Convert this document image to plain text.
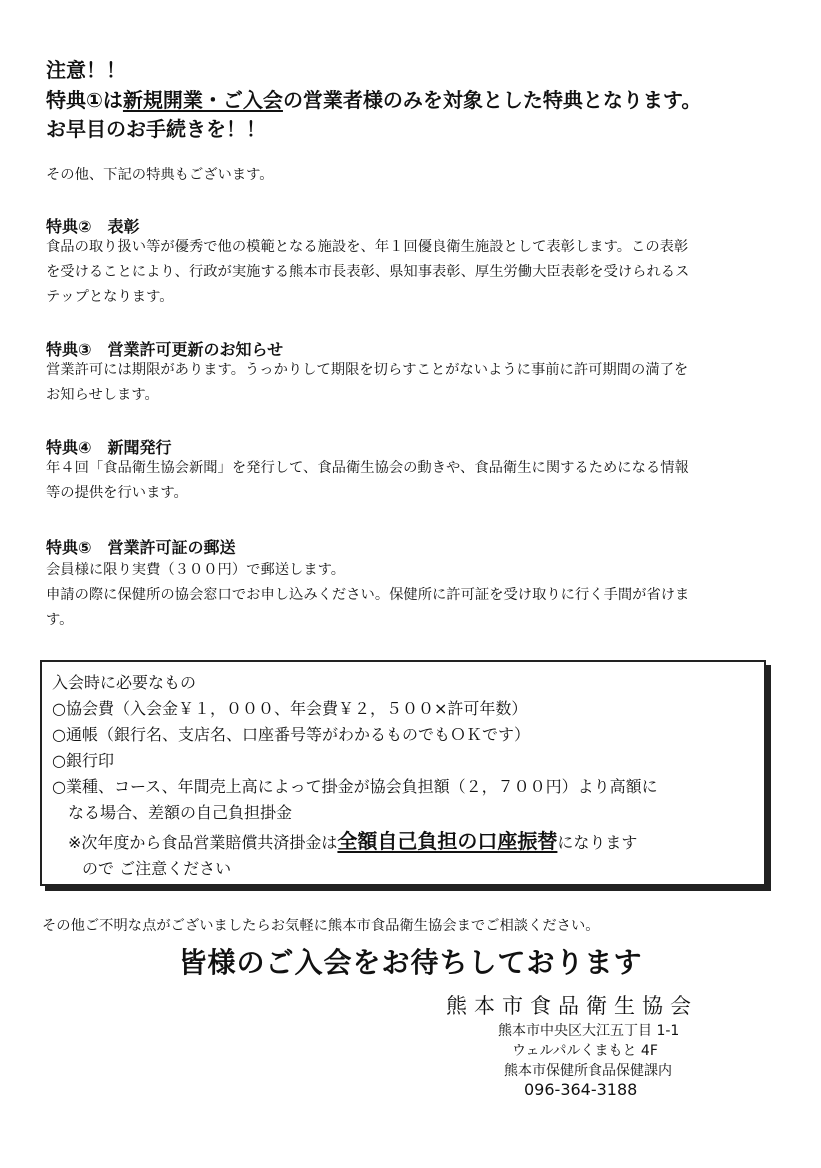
注意！！
特典①は新規開業・ご入会の営業者様のみを対象とした特典となります。
お早目のお手続きを！！
その他、下記の特典もございます。
特典②　表彰
食品の取り扱い等が優秀で他の模範となる施設を、年１回優良衛生施設として表彰します。この表彰
を受けることにより、行政が実施する熊本市長表彰、県知事表彰、厚生労働大臣表彰を受けられるス
テップとなります。
特典③　営業許可更新のお知らせ
営業許可には期限があります。うっかりして期限を切らすことがないように事前に許可期間の満了を
お知らせします。
特典④　新聞発行
年４回「食品衛生協会新聞」を発行して、食品衛生協会の動きや、食品衛生に関するためになる情報
等の提供を行います。
特典⑤　営業許可証の郵送
会員様に限り実費（３００円）で郵送します。
申請の際に保健所の協会窓口でお申し込みください。保健所に許可証を受け取りに行く手間が省けま
す。
入会時に必要なもの
○協会費（入会金￥１，０００、年会費￥２，５００×許可年数）
○通帳（銀行名、支店名、口座番号等がわかるものでもＯＫです）
○銀行印
○業種、コース、年間売上高によって掛金が協会負担額（２，７００円）より高額に
　なる場合、差額の自己負担掛金
※次年度から食品営業賠償共済掛金は全額自己負担の口座振替になります
ので ご注意ください
その他ご不明な点がございましたらお気軽に熊本市食品衛生協会までご相談ください。
皆様のご入会をお待ちしております
熊本市食品衛生協会
熊本市中央区大江五丁目 1-1
ウェルパルくまもと 4F
熊本市保健所食品保健課内
096-364-3188
